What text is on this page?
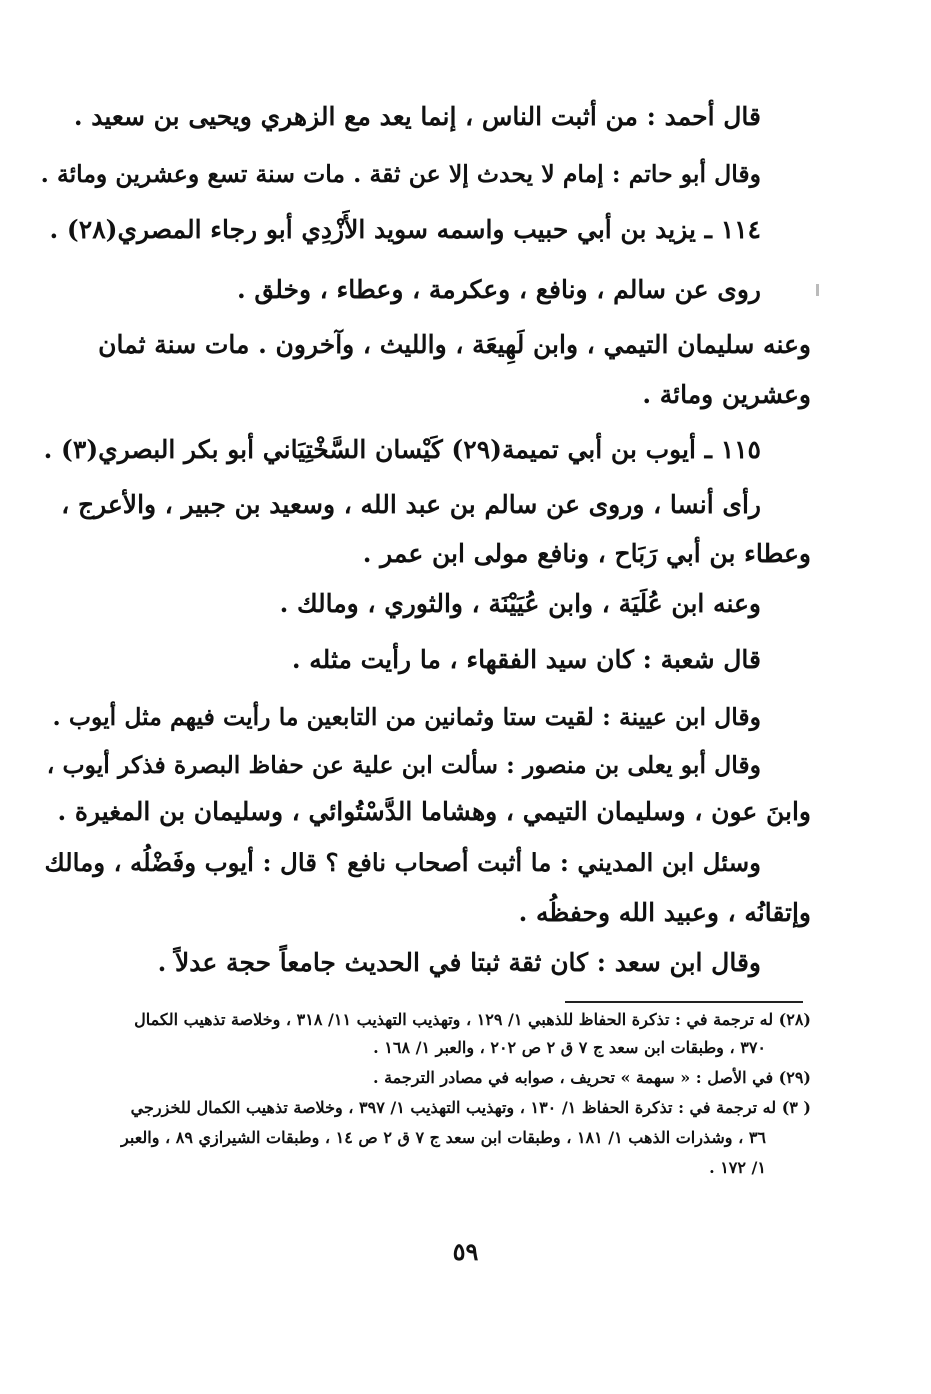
قال أحمد : من أثبت الناس ، إنما يعد مع الزهري ويحيى بن سعيد .
وقال أبو حاتم : إمام لا يحدث إلا عن ثقة . مات سنة تسع وعشرين ومائة .
١١٤ ـ يزيد بن أبي حبيب واسمه سويد الأَزْدِي أبو رجاء المصري(٢٨) .
روى عن سالم ، ونافع ، وعكرمة ، وعطاء ، وخلق .
وعنه سليمان التيمي ، وابن لَهِيعَة ، والليث ، وآخرون . مات سنة ثمان
وعشرين ومائة .
١١٥ ـ أيوب بن أبي تميمة(٢٩) كَيْسان السَّخْتِيَاني أبو بكر البصري(٣) .
رأى أنسا ، وروى عن سالم بن عبد الله ، وسعيد بن جبير ، والأعرج ،
وعطاء بن أبي رَبَاح ، ونافع مولى ابن عمر .
وعنه ابن عُلَيَة ، وابن عُيَيْنَة ، والثوري ، ومالك .
قال شعبة : كان سيد الفقهاء ، ما رأيت مثله .
وقال ابن عيينة : لقيت ستا وثمانين من التابعين ما رأيت فيهم مثل أيوب .
وقال أبو يعلى بن منصور : سألت ابن علية عن حفاظ البصرة فذكر أيوب ،
وابنَ عون ، وسليمان التيمي ، وهشاما الدَّسْتُوائي ، وسليمان بن المغيرة .
وسئل ابن المديني : ما أثبت أصحاب نافع ؟ قال : أيوب وفَضْلُه ، ومالك
وإتقانُه ، وعبيد الله وحفظُه .
وقال ابن سعد : كان ثقة ثبتا في الحديث جامعاً حجة عدلاً .
(٢٨) له ترجمة في : تذكرة الحفاظ للذهبي ١/ ١٢٩ ، وتهذيب التهذيب ١١/ ٣١٨ ، وخلاصة تذهيب الكمال
٣٧٠ ، وطبقات ابن سعد ج ٧ ق ٢ ص ٢٠٢ ، والعبر ١/ ١٦٨ .
(٢٩) في الأصل : « سهمة » تحريف ، صوابه في مصادر الترجمة .
( ٣) له ترجمة في : تذكرة الحفاظ ١/ ١٣٠ ، وتهذيب التهذيب ١/ ٣٩٧ ، وخلاصة تذهيب الكمال للخزرجي
٣٦ ، وشذرات الذهب ١/ ١٨١ ، وطبقات ابن سعد ج ٧ ق ٢ ص ١٤ ، وطبقات الشيرازي ٨٩ ، والعبر
١/ ١٧٢ .
٥٩
